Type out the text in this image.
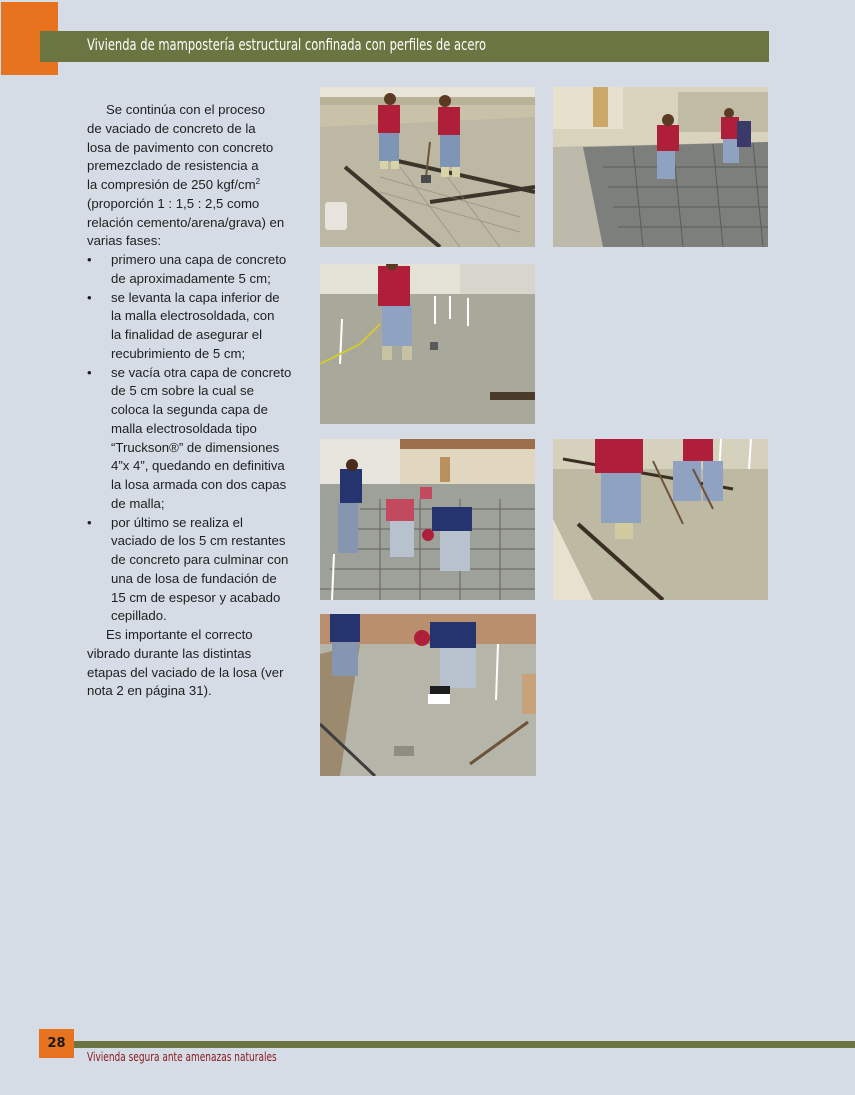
Vivienda de mampostería estructural confinada con perfiles de acero

Se continúa con el proceso
de vaciado de concreto de la
losa de pavimento con concreto
premezclado de resistencia a
la compresión de 250 kgf/$cm^2$
(proporción 1 : 1,5 : 2,5 como
relación cemento/arena/grava) en
varias fases:

• primero una capa de concreto
de aproximadamente 5 cm;
• se levanta la capa inferior de
la malla electrosoldada, con
la finalidad de asegurar el
recubrimiento de 5 cm;
• se vacía otra capa de concreto
de 5 cm sobre la cual se
coloca la segunda capa de
malla electrosoldada tipo
“Truckson®” de dimensiones
4”x 4”, quedando en definitiva
la losa armada con dos capas
de malla;
• por último se realiza el
vaciado de los 5 cm restantes
de concreto para culminar con
una de losa de fundación de
15 cm de espesor y acabado
cepillado.

Es importante el correcto
vibrado durante las distintas
etapas del vaciado de la losa (ver
nota 2 en página 31).

28
Vivienda segura ante amenazas naturales
